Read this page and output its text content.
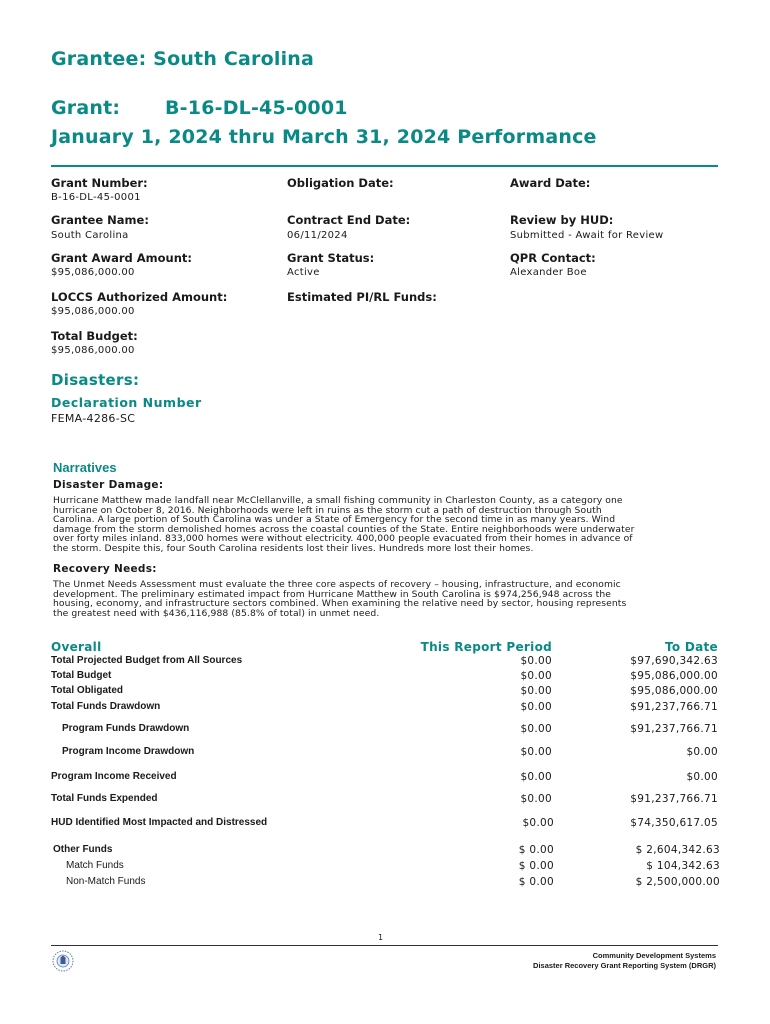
Grantee: South Carolina
Grant: B-16-DL-45-0001
January 1, 2024 thru March 31, 2024 Performance
Grant Number:
B-16-DL-45-0001
Obligation Date:	Award Date:
Grantee Name:
South Carolina
Contract End Date:
06/11/2024
Review by HUD:
Submitted - Await for Review
Grant Award Amount:
$95,086,000.00
Grant Status:
Active
QPR Contact:
Alexander Boe
LOCCS Authorized Amount:
$95,086,000.00
Estimated PI/RL Funds:
Total Budget:
$95,086,000.00
Disasters:
Declaration Number
FEMA-4286-SC
Narratives
Disaster Damage:
Hurricane Matthew made landfall near McClellanville, a small fishing community in Charleston County, as a category one
hurricane on October 8, 2016. Neighborhoods were left in ruins as the storm cut a path of destruction through South
Carolina. A large portion of South Carolina was under a State of Emergency for the second time in as many years. Wind
damage from the storm demolished homes across the coastal counties of the State. Entire neighborhoods were underwater
over forty miles inland. 833,000 homes were without electricity. 400,000 people evacuated from their homes in advance of
the storm. Despite this, four South Carolina residents lost their lives. Hundreds more lost their homes.
Recovery Needs:
The Unmet Needs Assessment must evaluate the three core aspects of recovery – housing, infrastructure, and economic
development. The preliminary estimated impact from Hurricane Matthew in South Carolina is $974,256,948 across the
housing, economy, and infrastructure sectors combined. When examining the relative need by sector, housing represents
the greatest need with $436,116,988 (85.8% of total) in unmet need.
Overall	This Report Period	To Date
Total Projected Budget from All Sources	$0.00	$97,690,342.63
Total Budget	$0.00	$95,086,000.00
Total Obligated	$0.00	$95,086,000.00
Total Funds Drawdown	$0.00	$91,237,766.71
Program Funds Drawdown	$0.00	$91,237,766.71
Program Income Drawdown	$0.00	$0.00
Program Income Received	$0.00	$0.00
Total Funds Expended	$0.00	$91,237,766.71
HUD Identified Most Impacted and Distressed	$0.00	$74,350,617.05
Other Funds	$ 0.00	$ 2,604,342.63
Match Funds	$ 0.00	$ 104,342.63
Non-Match Funds	$ 0.00	$ 2,500,000.00
1
Community Development Systems
Disaster Recovery Grant Reporting System (DRGR)
